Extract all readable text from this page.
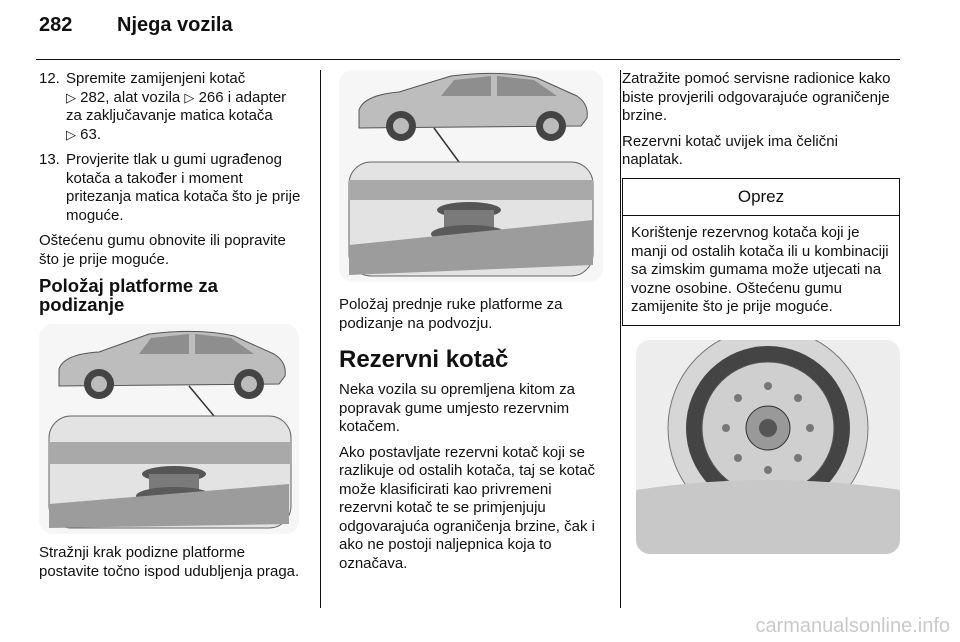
282 Njega vozila
12. Spremite zamijenjeni kotač
▷ 282, alat vozila ▷ 266 i adapter
za zaključavanje matica kotača
▷ 63.
13. Provjerite tlak u gumi ugrađenog kotača a također i moment pritezanja matica kotača što je prije moguće.
Oštećenu gumu obnovite ili popravite što je prije moguće.
Položaj platforme za podizanje
Stražnji krak podizne platforme postavite točno ispod udubljenja praga.
Položaj prednje ruke platforme za podizanje na podvozju.
Rezervni kotač
Neka vozila su opremljena kitom za popravak gume umjesto rezervnim kotačem.
Ako postavljate rezervni kotač koji se razlikuje od ostalih kotača, taj se kotač može klasificirati kao privremeni rezervni kotač te se primjenjuju odgovarajuća ograničenja brzine, čak i ako ne postoji naljepnica koja to označava.
Zatražite pomoć servisne radionice kako biste provjerili odgovarajuće ograničenje brzine.
Rezervni kotač uvijek ima čelični naplatak.
Oprez
Korištenje rezervnog kotača koji je manji od ostalih kotača ili u kombinaciji sa zimskim gumama može utjecati na vozne osobine. Oštećenu gumu zamijenite što je prije moguće.
carmanualsonline.info
